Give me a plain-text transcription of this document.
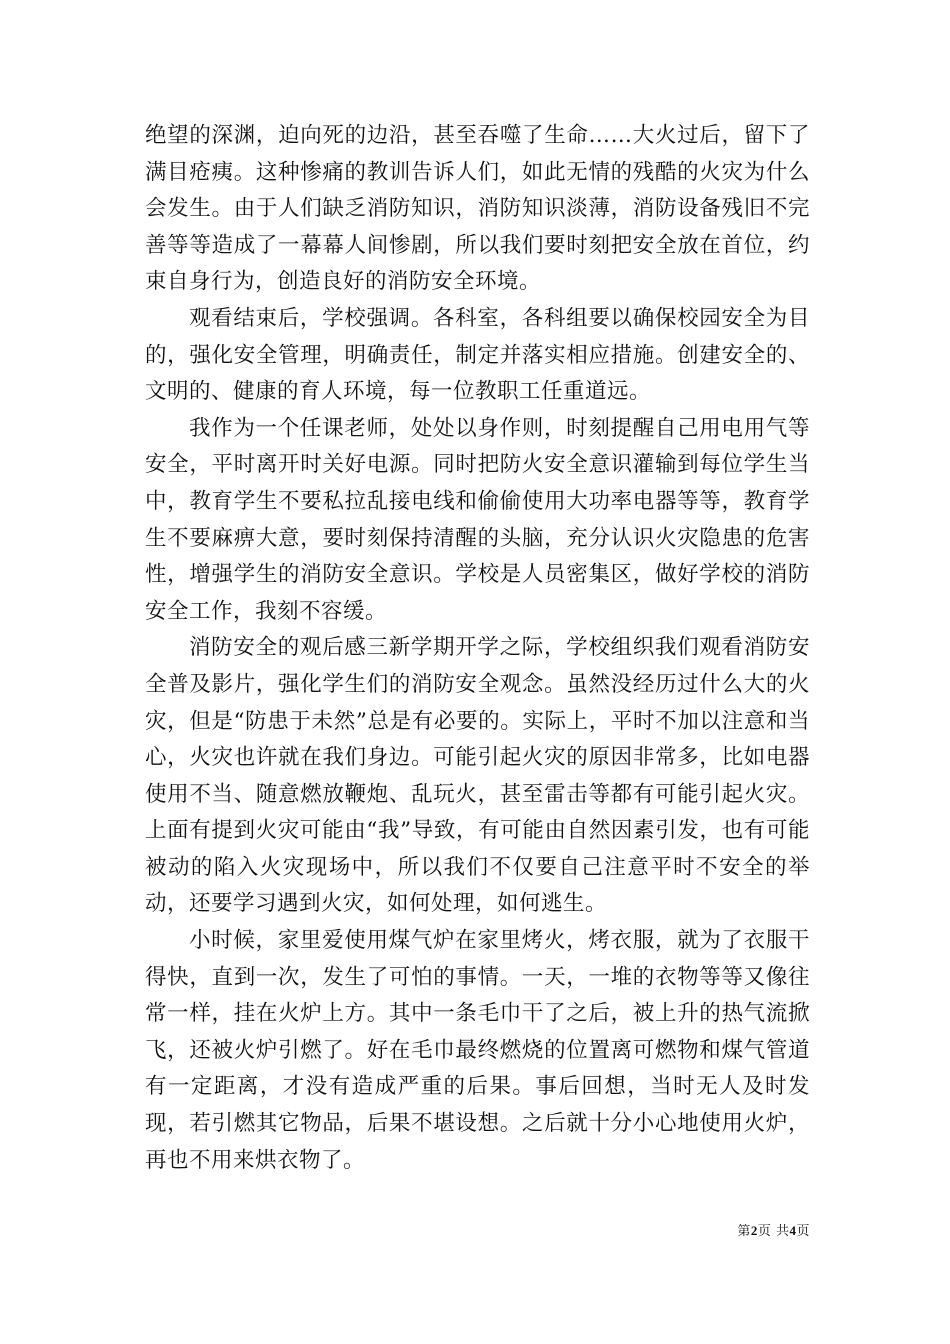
绝望的深渊，迫向死的边沿，甚至吞噬了生命……大火过后，留下了满目疮痍。这种惨痛的教训告诉人们，如此无情的残酷的火灾为什么会发生。由于人们缺乏消防知识，消防知识淡薄，消防设备残旧不完善等等造成了一幕幕人间惨剧，所以我们要时刻把安全放在首位，约束自身行为，创造良好的消防安全环境。

观看结束后，学校强调。各科室，各科组要以确保校园安全为目的，强化安全管理，明确责任，制定并落实相应措施。创建安全的、文明的、健康的育人环境，每一位教职工任重道远。

我作为一个任课老师，处处以身作则，时刻提醒自己用电用气等安全，平时离开时关好电源。同时把防火安全意识灌输到每位学生当中，教育学生不要私拉乱接电线和偷偷使用大功率电器等等，教育学生不要麻痹大意，要时刻保持清醒的头脑，充分认识火灾隐患的危害性，增强学生的消防安全意识。学校是人员密集区，做好学校的消防安全工作，我刻不容缓。

消防安全的观后感三新学期开学之际，学校组织我们观看消防安全普及影片，强化学生们的消防安全观念。虽然没经历过什么大的火灾，但是“防患于未然”总是有必要的。实际上，平时不加以注意和当心，火灾也许就在我们身边。可能引起火灾的原因非常多，比如电器使用不当、随意燃放鞭炮、乱玩火，甚至雷击等都有可能引起火灾。上面有提到火灾可能由“我”导致，有可能由自然因素引发，也有可能被动的陷入火灾现场中，所以我们不仅要自己注意平时不安全的举动，还要学习遇到火灾，如何处理，如何逃生。

小时候，家里爱使用煤气炉在家里烤火，烤衣服，就为了衣服干得快，直到一次，发生了可怕的事情。一天，一堆的衣物等等又像往常一样，挂在火炉上方。其中一条毛巾干了之后，被上升的热气流掀飞，还被火炉引燃了。好在毛巾最终燃烧的位置离可燃物和煤气管道有一定距离，才没有造成严重的后果。事后回想，当时无人及时发现，若引燃其它物品，后果不堪设想。之后就十分小心地使用火炉，再也不用来烘衣物了。

第2页 共4页
